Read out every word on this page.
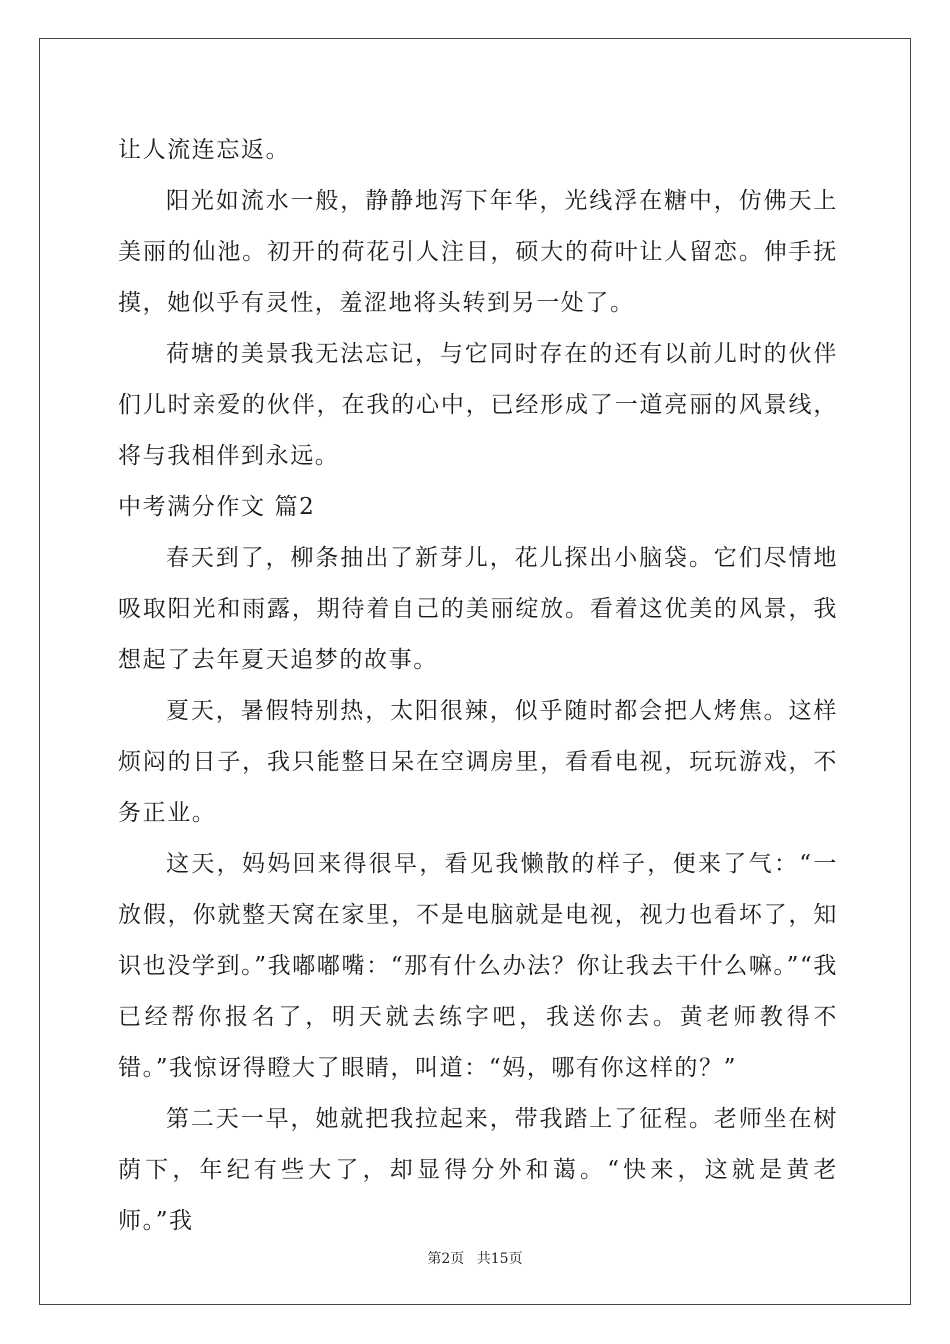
让人流连忘返。

阳光如流水一般，静静地泻下年华，光线浮在糖中，仿佛天上美丽的仙池。初开的荷花引人注目，硕大的荷叶让人留恋。伸手抚摸，她似乎有灵性，羞涩地将头转到另一处了。

荷塘的美景我无法忘记，与它同时存在的还有以前儿时的伙伴们儿时亲爱的伙伴，在我的心中，已经形成了一道亮丽的风景线，将与我相伴到永远。

中考满分作文 篇2

春天到了，柳条抽出了新芽儿，花儿探出小脑袋。它们尽情地吸取阳光和雨露，期待着自己的美丽绽放。看着这优美的风景，我想起了去年夏天追梦的故事。

夏天，暑假特别热，太阳很辣，似乎随时都会把人烤焦。这样烦闷的日子，我只能整日呆在空调房里，看看电视，玩玩游戏，不务正业。

这天，妈妈回来得很早，看见我懒散的样子，便来了气：“一放假，你就整天窝在家里，不是电脑就是电视，视力也看坏了，知识也没学到。”我嘟嘟嘴：“那有什么办法？你让我去干什么嘛。”“我已经帮你报名了，明天就去练字吧，我送你去。黄老师教得不错。”我惊讶得瞪大了眼睛，叫道：“妈，哪有你这样的？”

第二天一早，她就把我拉起来，带我踏上了征程。老师坐在树荫下，年纪有些大了，却显得分外和蔼。“快来，这就是黄老师。”我

第2页 共15页
